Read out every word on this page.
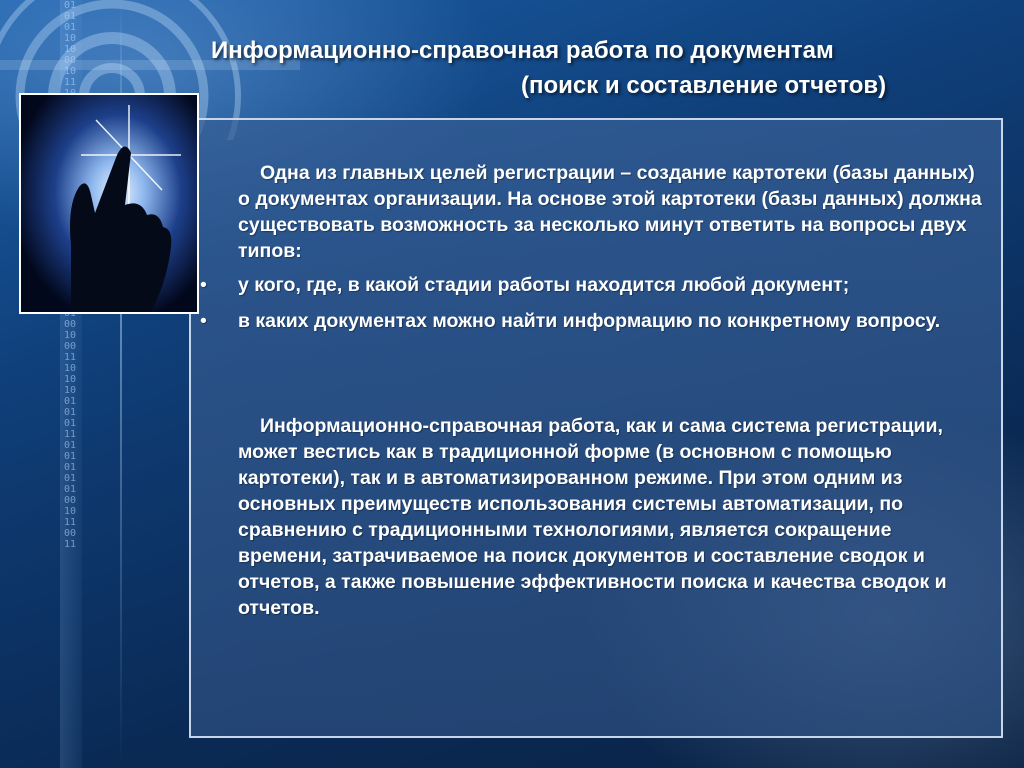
0101011010001011 001000111010100101011101010101010010110011
Информационно-справочная работа по документам
(поиск и составление отчетов)
Одна из главных целей регистрации – создание картотеки (базы данных) о документах организации. На основе этой картотеки (базы данных) должна существовать возможность за несколько минут ответить на вопросы двух типов:
• у кого, где, в какой стадии работы находится любой документ;
• в каких документах можно найти информацию по конкретному вопросу.
Информационно-справочная работа, как и сама система регистрации, может вестись как в традиционной форме (в основном с помощью картотеки), так и в автоматизированном режиме. При этом одним из основных преимуществ использования системы автоматизации, по сравнению с традиционными технологиями, является сокращение времени, затрачиваемое на поиск документов и составление сводок и отчетов, а также повышение эффективности поиска и качества сводок и отчетов.
